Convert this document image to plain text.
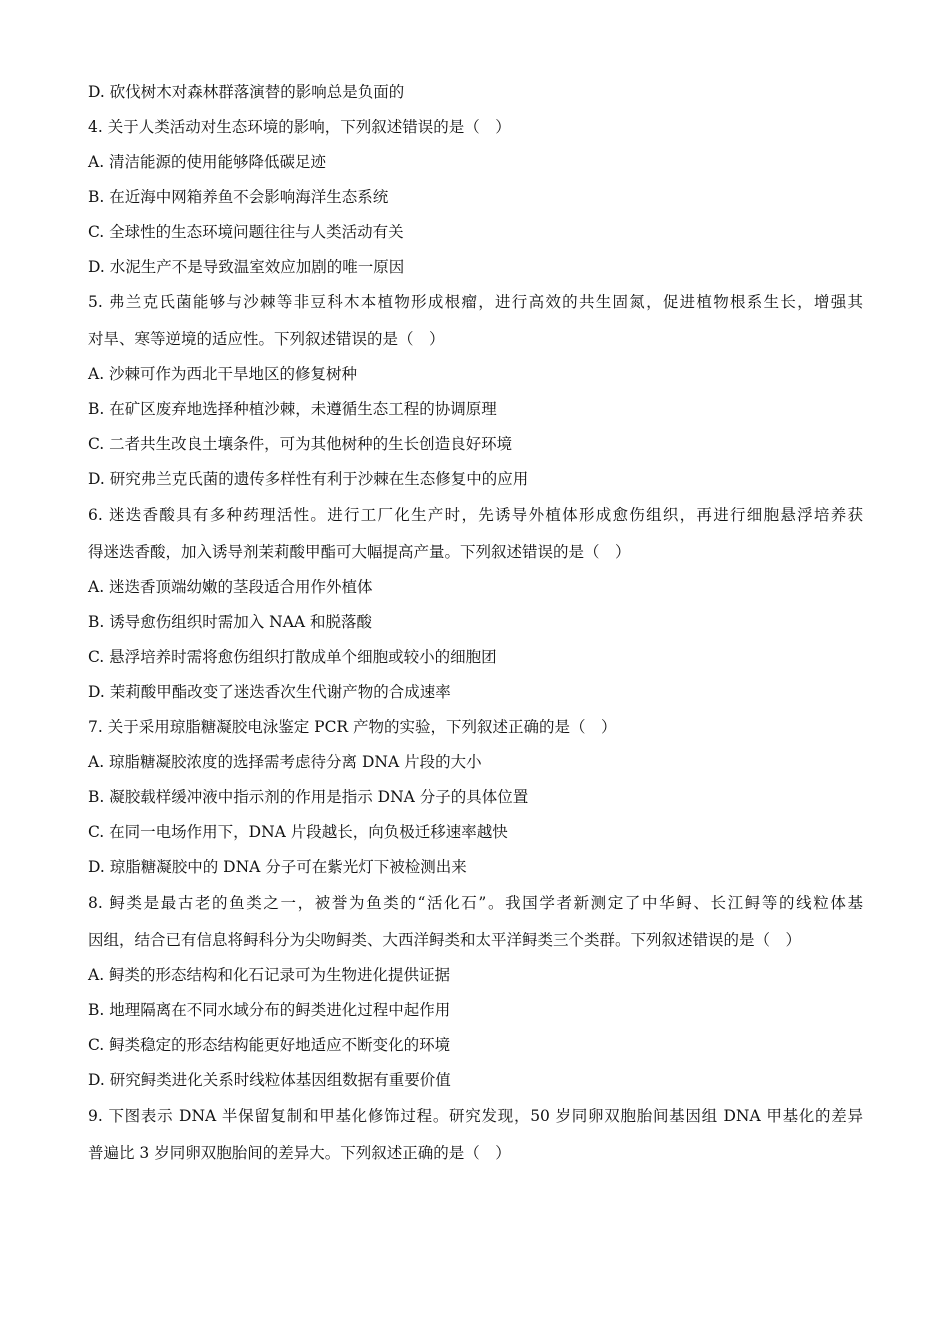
D. 砍伐树木对森林群落演替的影响总是负面的
4. 关于人类活动对生态环境的影响，下列叙述错误的是（　）
A. 清洁能源的使用能够降低碳足迹
B. 在近海中网箱养鱼不会影响海洋生态系统
C. 全球性的生态环境问题往往与人类活动有关
D. 水泥生产不是导致温室效应加剧的唯一原因
5. 弗兰克氏菌能够与沙棘等非豆科木本植物形成根瘤，进行高效的共生固氮，促进植物根系生长，增强其
对旱、寒等逆境的适应性。下列叙述错误的是（　）
A. 沙棘可作为西北干旱地区的修复树种
B. 在矿区废弃地选择种植沙棘，未遵循生态工程的协调原理
C. 二者共生改良土壤条件，可为其他树种的生长创造良好环境
D. 研究弗兰克氏菌的遗传多样性有利于沙棘在生态修复中的应用
6. 迷迭香酸具有多种药理活性。进行工厂化生产时，先诱导外植体形成愈伤组织，再进行细胞悬浮培养获
得迷迭香酸，加入诱导剂茉莉酸甲酯可大幅提高产量。下列叙述错误的是（　）
A. 迷迭香顶端幼嫩的茎段适合用作外植体
B. 诱导愈伤组织时需加入 NAA 和脱落酸
C. 悬浮培养时需将愈伤组织打散成单个细胞或较小的细胞团
D. 茉莉酸甲酯改变了迷迭香次生代谢产物的合成速率
7. 关于采用琼脂糖凝胶电泳鉴定 PCR 产物的实验，下列叙述正确的是（　）
A. 琼脂糖凝胶浓度的选择需考虑待分离 DNA 片段的大小
B. 凝胶载样缓冲液中指示剂的作用是指示 DNA 分子的具体位置
C. 在同一电场作用下，DNA 片段越长，向负极迁移速率越快
D. 琼脂糖凝胶中的 DNA 分子可在紫光灯下被检测出来
8. 鲟类是最古老的鱼类之一，被誉为鱼类的“活化石”。我国学者新测定了中华鲟、长江鲟等的线粒体基
因组，结合已有信息将鲟科分为尖吻鲟类、大西洋鲟类和太平洋鲟类三个类群。下列叙述错误的是（　）
A. 鲟类的形态结构和化石记录可为生物进化提供证据
B. 地理隔离在不同水域分布的鲟类进化过程中起作用
C. 鲟类稳定的形态结构能更好地适应不断变化的环境
D. 研究鲟类进化关系时线粒体基因组数据有重要价值
9. 下图表示 DNA 半保留复制和甲基化修饰过程。研究发现，50 岁同卵双胞胎间基因组 DNA 甲基化的差异
普遍比 3 岁同卵双胞胎间的差异大。下列叙述正确的是（　）
